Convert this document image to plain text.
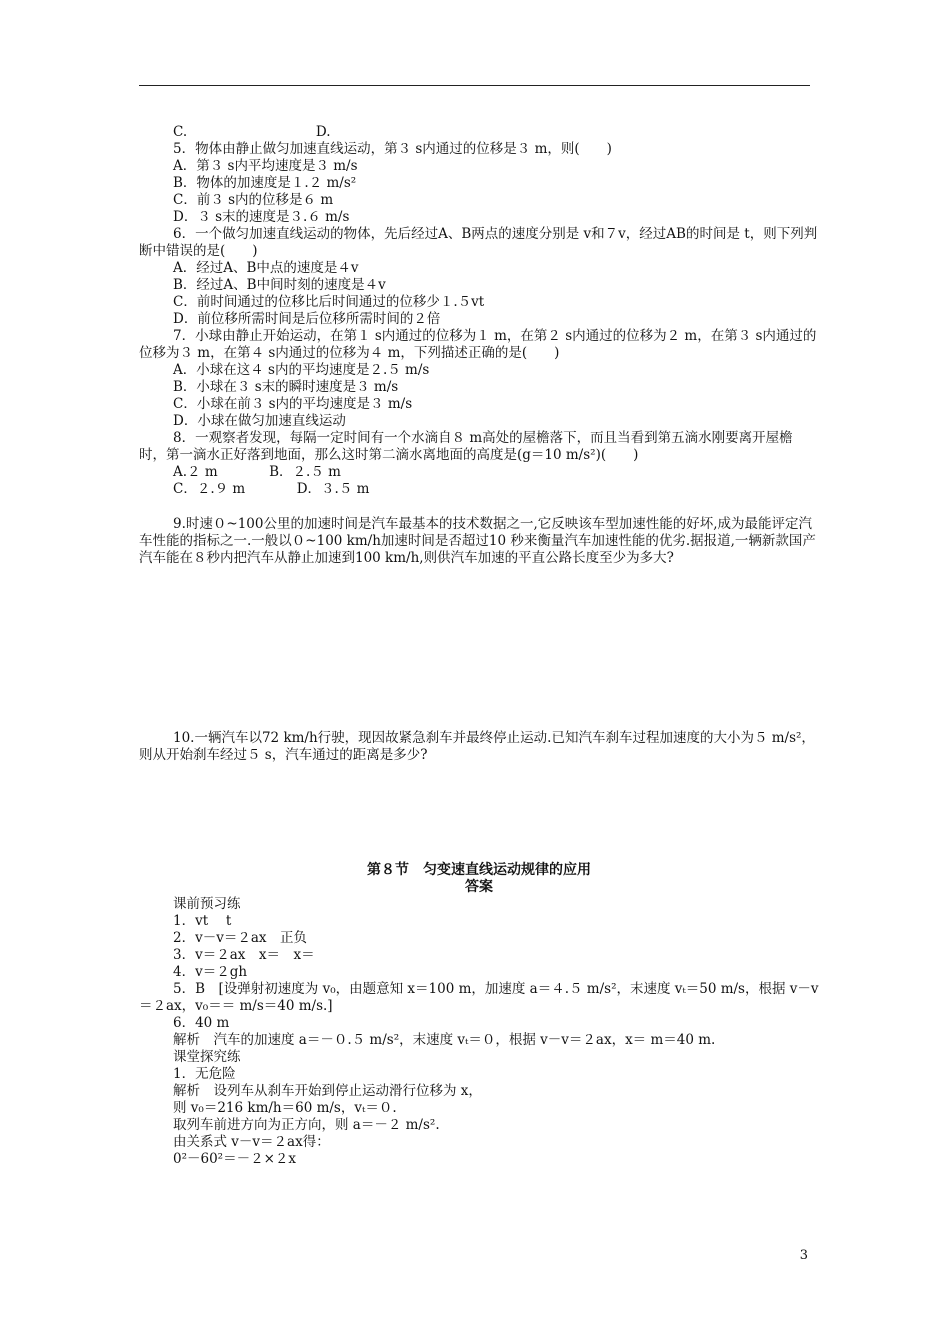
C.                              D.
5．物体由静止做匀加速直线运动，第３ s内通过的位移是３ m，则(　　)
A．第３ s内平均速度是３ m/s
B．物体的加速度是１.２ m/s²
C．前３ s内的位移是６ m
D．３ s末的速度是３.６ m/s
6．一个做匀加速直线运动的物体，先后经过A、B两点的速度分别是 v和７v，经过AB的时间是 t，则下列判断中错误的是(　　)
A．经过A、B中点的速度是４v
B．经过A、B中间时刻的速度是４v
C．前时间通过的位移比后时间通过的位移少１.５vt
D．前位移所需时间是后位移所需时间的２倍
7．小球由静止开始运动，在第１ s内通过的位移为１ m，在第２ s内通过的位移为２ m，在第３ s内通过的位移为３ m，在第４ s内通过的位移为４ m，下列描述正确的是(　　)
A．小球在这４ s内的平均速度是２.５ m/s
B．小球在３ s末的瞬时速度是３ m/s
C．小球在前３ s内的平均速度是３ m/s
D．小球在做匀加速直线运动
8．一观察者发现，每隔一定时间有一个水滴自８ m高处的屋檐落下，而且当看到第五滴水刚要离开屋檐时，第一滴水正好落到地面，那么这时第二滴水离地面的高度是(g＝10 m/s²)(　　)
A.２ m            B．２.５ m
C．２.９ m            D．３.５ m
9.时速０~100公里的加速时间是汽车最基本的技术数据之一,它反映该车型加速性能的好坏,成为最能评定汽车性能的指标之一.一般以０~100 km/h加速时间是否超过10 秒来衡量汽车加速性能的优劣.据报道,一辆新款国产汽车能在８秒内把汽车从静止加速到100 km/h,则供汽车加速的平直公路长度至少为多大?
10.一辆汽车以72 km/h行驶，现因故紧急刹车并最终停止运动.已知汽车刹车过程加速度的大小为５ m/s²，则从开始刹车经过５ s，汽车通过的距离是多少?
第８节　匀变速直线运动规律的应用
答案
课前预习练
1．vt　 t
2．v－v＝２ax　正负
3．v＝２ax　x＝　x＝
4．v＝２gh
5．B　[设弹射初速度为 v₀，由题意知 x＝100 m，加速度 a＝４.５ m/s²，末速度 vₜ＝50 m/s，根据 v－v＝２ax，v₀＝＝ m/s＝40 m/s.]
6．40 m
解析　汽车的加速度 a＝－０.５ m/s²，末速度 vₜ＝０，根据 v－v＝２ax，x＝ m＝40 m.
课堂探究练
1．无危险
解析　设列车从刹车开始到停止运动滑行位移为 x，
则 v₀＝216 km/h＝60 m/s，vₜ＝０.
取列车前进方向为正方向，则 a＝－２ m/s².
由关系式 v－v＝２ax得：
0²－60²＝－２×２x
3
